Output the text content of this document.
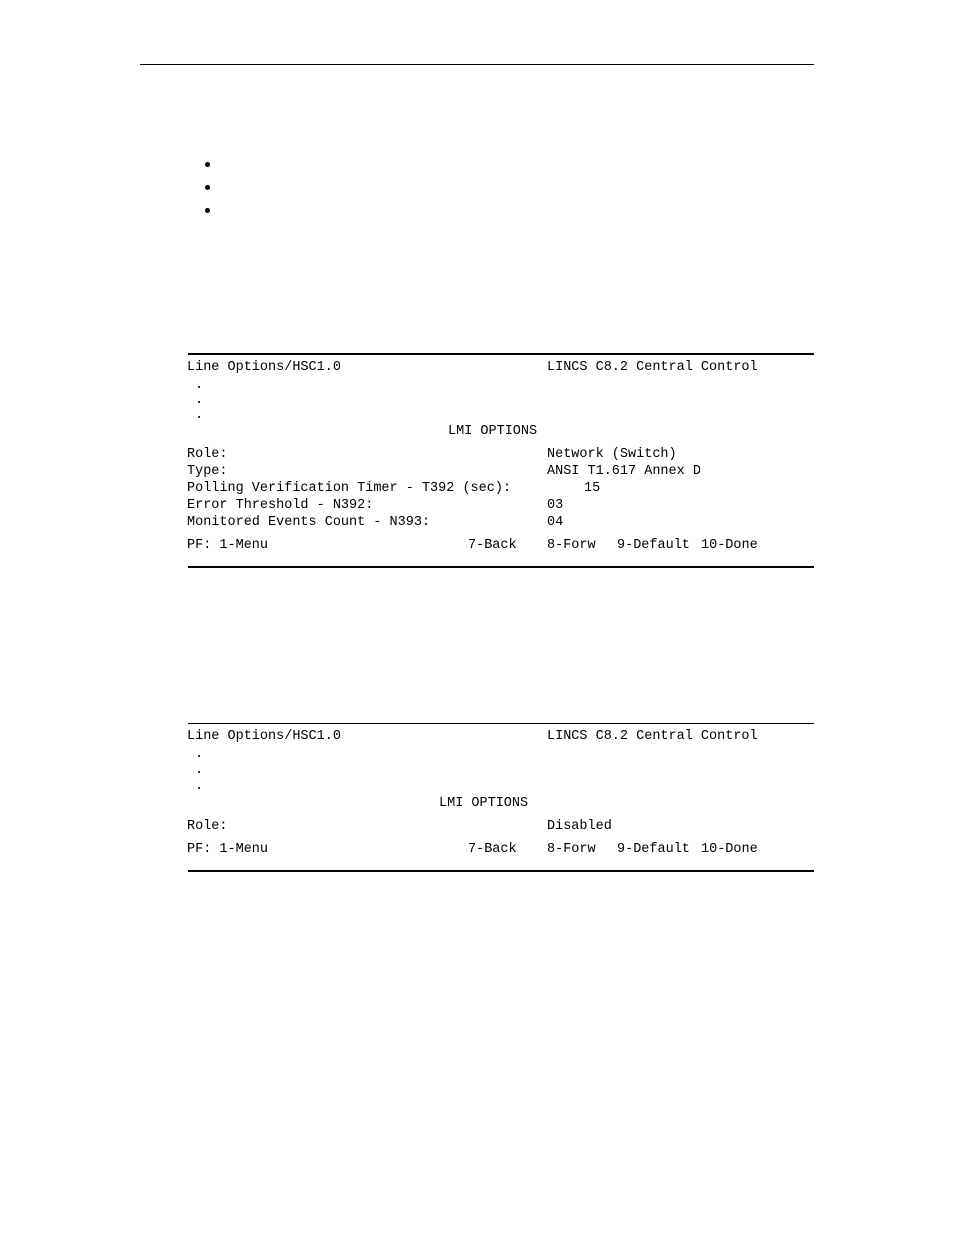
Line Options/HSC1.0	LINCS C8.2 Central Control
.
.
.
LMI OPTIONS
Role:	Network (Switch)
Type:	ANSI T1.617 Annex D
Polling Verification Timer - T392 (sec):	15
Error Threshold - N392:	03
Monitored Events Count - N393:	04
PF: 1-Menu	7-Back 8-Forw 9-Default 10-Done
Line Options/HSC1.0	LINCS C8.2 Central Control
.
.
.
LMI OPTIONS
Role:	Disabled
PF: 1-Menu	7-Back 8-Forw 9-Default 10-Done
